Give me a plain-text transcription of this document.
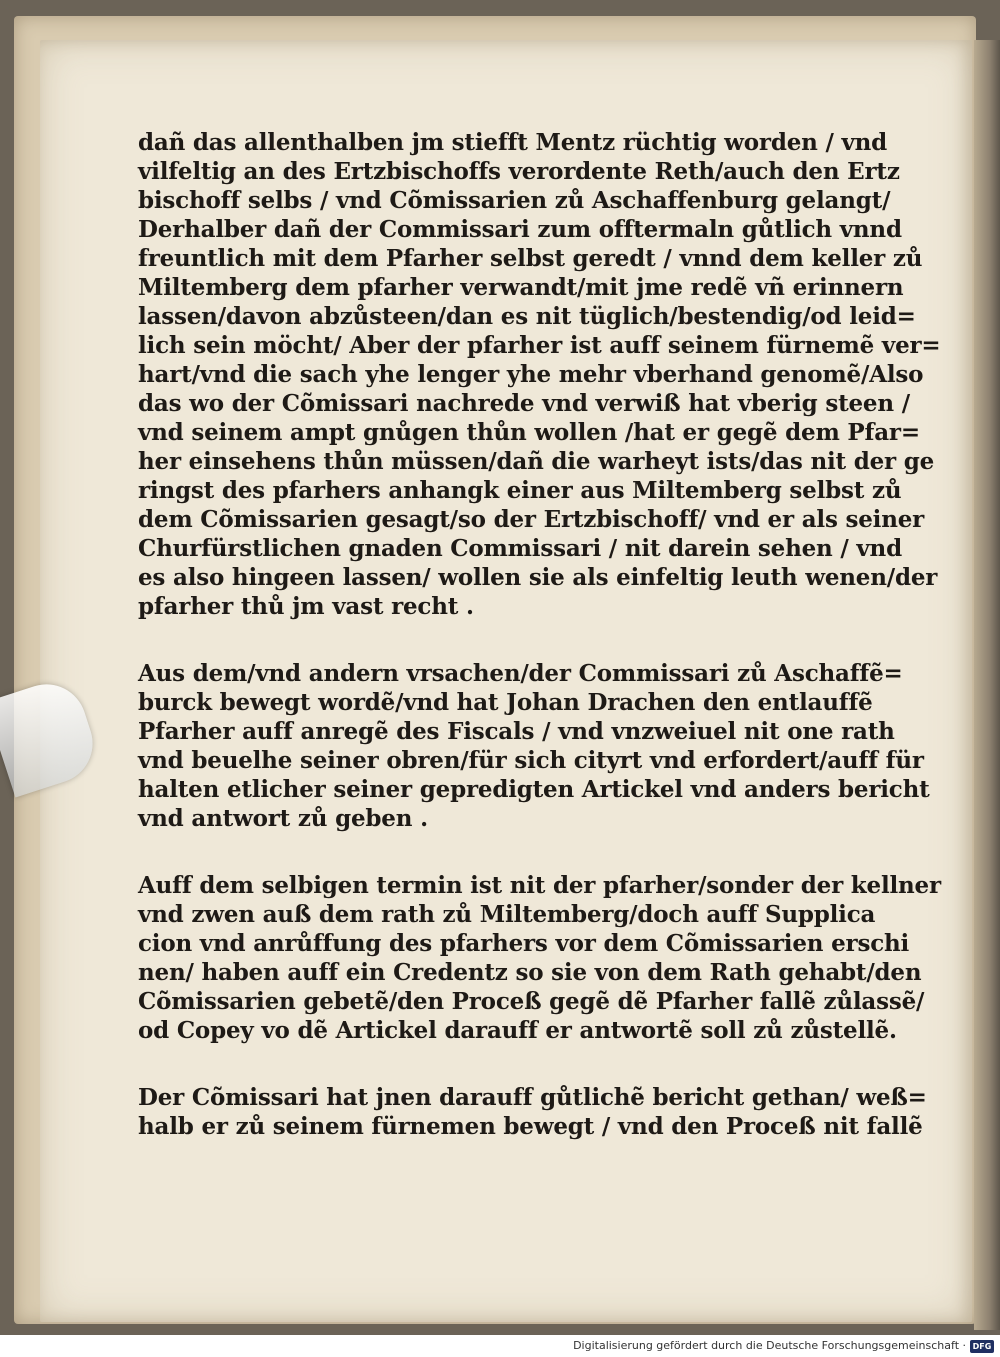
dañ das allenthalben jm stiefft Mentz rüchtig worden / vnd
vilfeltig an des Ertzbischoffs verordente Reth/auch den Ertz
bischoff selbs / vnd Cõmissarien zů Aschaffenburg gelangt/
Derhalber dañ der Commissari zum offtermaln gůtlich vnnd
freuntlich mit dem Pfarher selbst geredt / vnnd dem keller zů
Miltemberg dem pfarher verwandt/mit jme redẽ vñ erinnern
lassen/davon abzůsteen/dan es nit tüglich/bestendig/od leid=
lich sein möcht/ Aber der pfarher ist auff seinem fürnemẽ ver=
hart/vnd die sach yhe lenger yhe mehr vberhand genomẽ/Also
das wo der Cõmissari nachrede vnd verwiß hat vberig steen /
vnd seinem ampt gnůgen thůn wollen /hat er gegẽ dem Pfar=
her einsehens thůn müssen/dañ die warheyt ists/das nit der ge
ringst des pfarhers anhangk einer aus Miltemberg selbst zů
dem Cõmissarien gesagt/so der Ertzbischoff/ vnd er als seiner
Churfürstlichen gnaden Commissari / nit darein sehen / vnd
es also hingeen lassen/ wollen sie als einfeltig leuth wenen/der
pfarher thů jm vast recht .
Aus dem/vnd andern vrsachen/der Commissari zů Aschaffẽ=
burck bewegt wordẽ/vnd hat Johan Drachen den entlauffẽ
Pfarher auff anregẽ des Fiscals / vnd vnzweiuel nit one rath
vnd beuelhe seiner obren/für sich cityrt vnd erfordert/auff für
halten etlicher seiner gepredigten Artickel vnd anders bericht
vnd antwort zů geben .
Auff dem selbigen termin ist nit der pfarher/sonder der kellner
vnd zwen auß dem rath zů Miltemberg/doch auff Supplica
cion vnd anrůffung des pfarhers vor dem Cõmissarien erschi
nen/ haben auff ein Credentz so sie von dem Rath gehabt/den
Cõmissarien gebetẽ/den Proceß gegẽ dẽ Pfarher fallẽ zůlassẽ/
od Copey vo dẽ Artickel darauff er antwortẽ soll zů zůstellẽ.
Der Cõmissari hat jnen darauff gůtlichẽ bericht gethan/ weß=
halb er zů seinem fürnemen bewegt / vnd den Proceß nit fallẽ
Digitalisierung gefördert durch die Deutsche Forschungsgemeinschaft · DFG
